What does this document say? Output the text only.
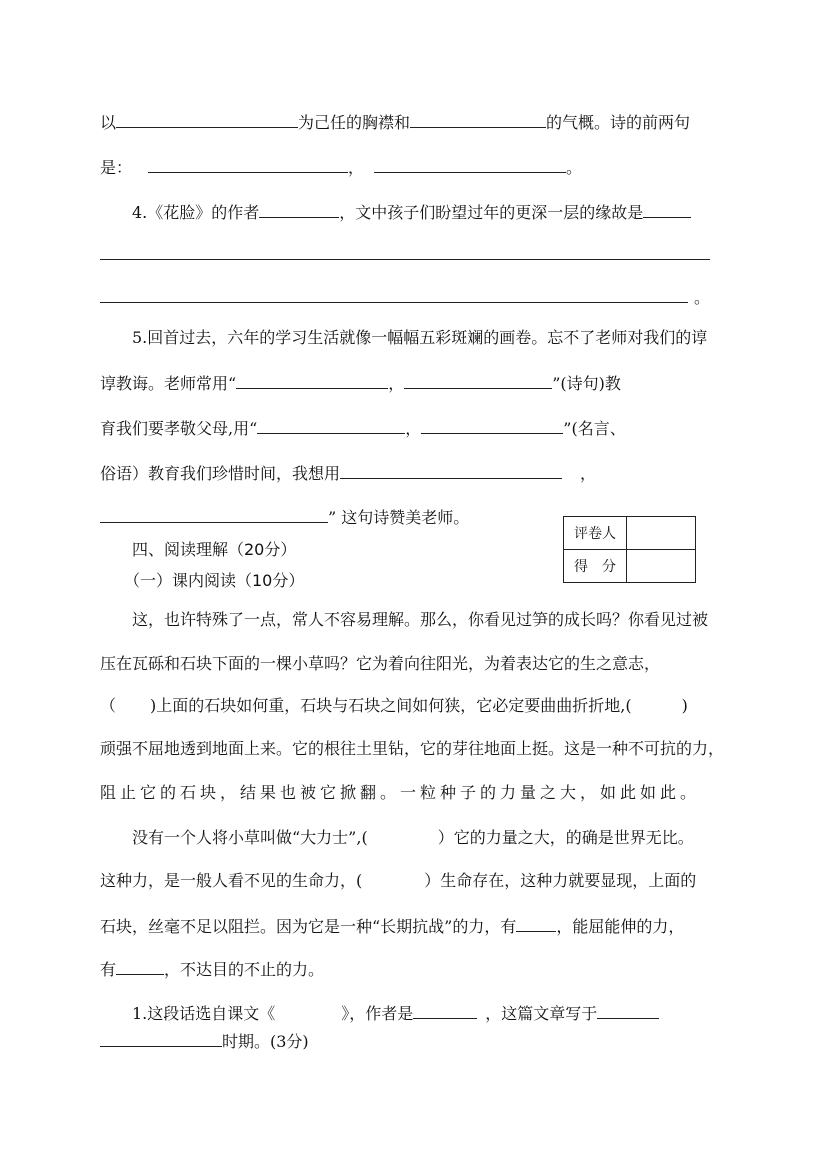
以	为己任的胸襟和	的气概。诗的前两句
是：	，	。
4.《花脸》的作者	，文中孩子们盼望过年的更深一层的缘故是
。
5.回首过去，六年的学习生活就像一幅幅五彩斑斓的画卷。忘不了老师对我们的谆
谆教诲。老师常用“	，	”(诗句)教
育我们要孝敬父母,用“	，	”(名言、
俗语）教育我们珍惜时间，我想用	，
” 这句诗赞美老师。
四、阅读理解（20分）
（一）课内阅读（10分）
评卷人	
得　分	
这，也许特殊了一点，常人不容易理解。那么，你看见过笋的成长吗？你看见过被
压在瓦砾和石块下面的一棵小草吗？它为着向往阳光，为着表达它的生之意志，
（ )上面的石块如何重，石块与石块之间如何狭，它必定要曲曲折折地,(	)
顽强不屈地透到地面上来。它的根往土里钻，它的芽往地面上挺。这是一种不可抗的力，
阻止它的石块，结果也被它掀翻。一粒种子的力量之大，如此如此。
没有一个人将小草叫做“大力士”,(	）它的力量之大，的确是世界无比。
这种力，是一般人看不见的生命力，(	）生命存在，这种力就要显现，上面的
石块，丝毫不足以阻拦。因为它是一种“长期抗战”的力，有	，能屈能伸的力，
有	，不达目的不止的力。
1.这段话选自课文《	》，作者是	，这篇文章写于
时期。(3分)
